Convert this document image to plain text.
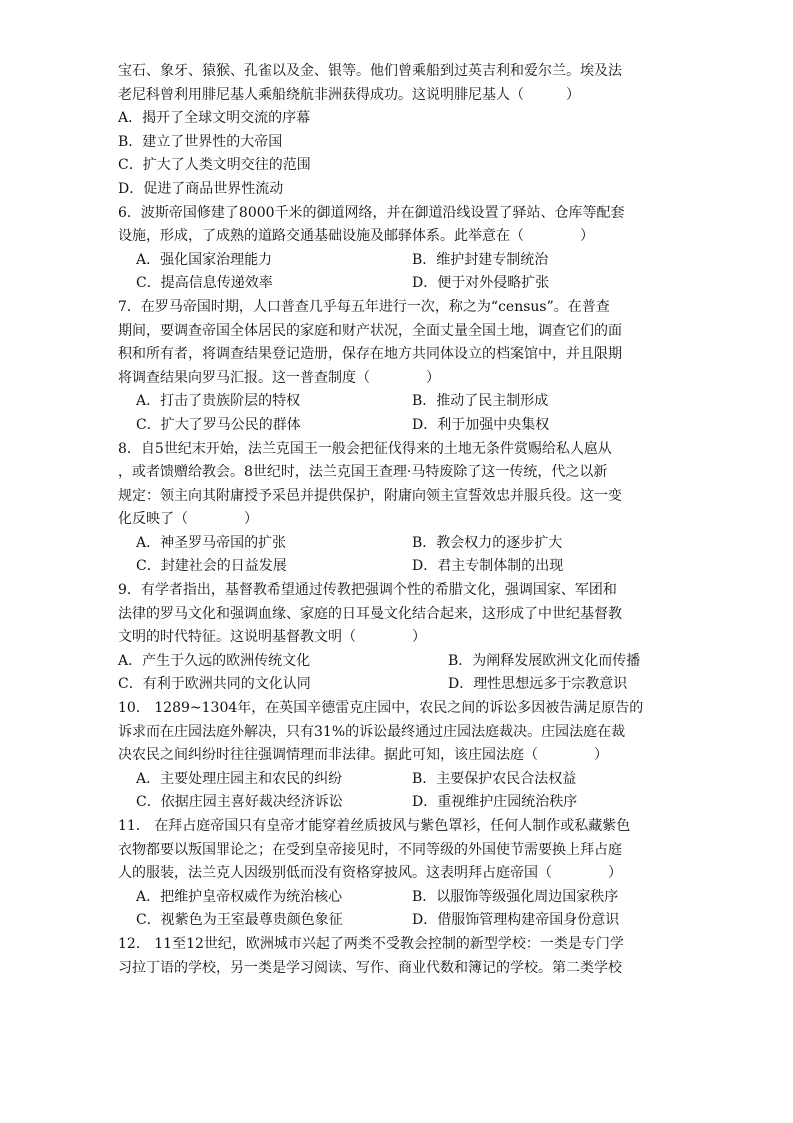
宝石、象牙、猿猴、孔雀以及金、银等。他们曾乘船到过英吉利和爱尔兰。埃及法
老尼科曾利用腓尼基人乘船绕航非洲获得成功。这说明腓尼基人（　　　）
A．揭开了全球文明交流的序幕
B．建立了世界性的大帝国
C．扩大了人类文明交往的范围
D．促进了商品世界性流动
6．波斯帝国修建了8000千米的御道网络，并在御道沿线设置了驿站、仓库等配套
设施，形成，了成熟的道路交通基础设施及邮驿体系。此举意在（　　　　）
A．强化国家治理能力	B．维护封建专制统治
C．提高信息传递效率	D．便于对外侵略扩张
7．在罗马帝国时期，人口普查几乎每五年进行一次，称之为“census”。在普查
期间，要调查帝国全体居民的家庭和财产状况，全面丈量全国土地，调查它们的面
积和所有者，将调查结果登记造册，保存在地方共同体设立的档案馆中，并且限期
将调查结果向罗马汇报。这一普查制度（　　　　）
A．打击了贵族阶层的特权	B．推动了民主制形成
C．扩大了罗马公民的群体	D．利于加强中央集权
8．自5世纪末开始，法兰克国王一般会把征伐得来的土地无条件赏赐给私人扈从
，或者馈赠给教会。8世纪时，法兰克国王查理·马特废除了这一传统，代之以新
规定：领主向其附庸授予采邑并提供保护，附庸向领主宣誓效忠并服兵役。这一变
化反映了（　　　　）
A．神圣罗马帝国的扩张	B．教会权力的逐步扩大
C．封建社会的日益发展	D．君主专制体制的出现
9．有学者指出，基督教希望通过传教把强调个性的希腊文化，强调国家、军团和
法律的罗马文化和强调血缘、家庭的日耳曼文化结合起来，这形成了中世纪基督教
文明的时代特征。这说明基督教文明（　　　　）
A．产生于久远的欧洲传统文化	B．为阐释发展欧洲文化而传播
C．有利于欧洲共同的文化认同	D．理性思想远多于宗教意识
10． 1289~1304年，在英国辛德雷克庄园中，农民之间的诉讼多因被告满足原告的
诉求而在庄园法庭外解决，只有31%的诉讼最终通过庄园法庭裁决。庄园法庭在裁
决农民之间纠纷时往往强调情理而非法律。据此可知，该庄园法庭（　　　　）
A．主要处理庄园主和农民的纠纷	B．主要保护农民合法权益
C．依据庄园主喜好裁决经济诉讼	D．重视维护庄园统治秩序
11． 在拜占庭帝国只有皇帝才能穿着丝质披风与紫色罩衫，任何人制作或私藏紫色
衣物都要以叛国罪论之；在受到皇帝接见时，不同等级的外国使节需要换上拜占庭
人的服装，法兰克人因级别低而没有资格穿披风。这表明拜占庭帝国（　　　　）
A．把维护皇帝权威作为统治核心	B．以服饰等级强化周边国家秩序
C．视紫色为王室最尊贵颜色象征	D．借服饰管理构建帝国身份意识
12． 11至12世纪，欧洲城市兴起了两类不受教会控制的新型学校：一类是专门学
习拉丁语的学校，另一类是学习阅读、写作、商业代数和簿记的学校。第二类学校
